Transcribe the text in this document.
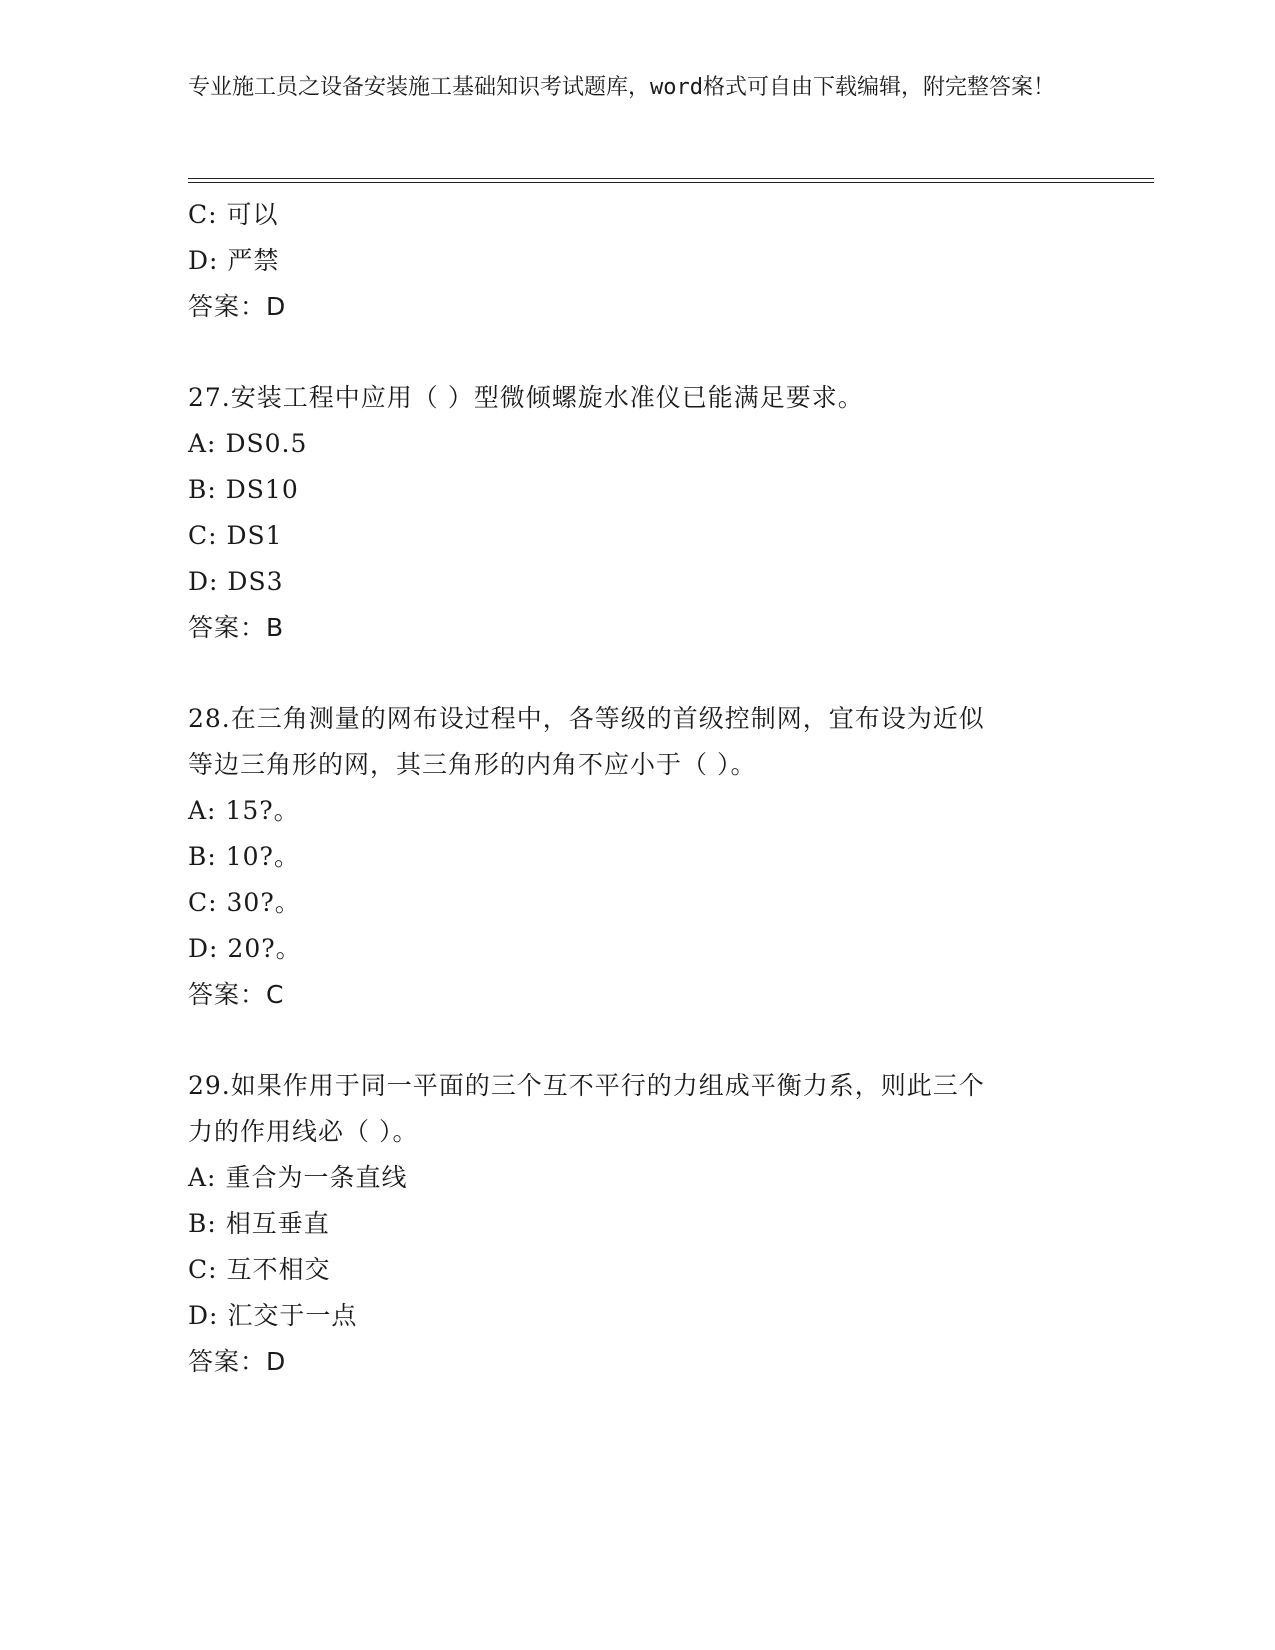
专业施工员之设备安装施工基础知识考试题库，word格式可自由下载编辑，附完整答案！
C: 可以
D: 严禁
答案：D
27.安装工程中应用（ ）型微倾螺旋水准仪已能满足要求。
A: DS0.5
B: DS10
C: DS1
D: DS3
答案：B
28.在三角测量的网布设过程中，各等级的首级控制网，宜布设为近似
等边三角形的网，其三角形的内角不应小于（ ）。
A: 15?。
B: 10?。
C: 30?。
D: 20?。
答案：C
29.如果作用于同一平面的三个互不平行的力组成平衡力系，则此三个
力的作用线必（ ）。
A: 重合为一条直线
B: 相互垂直
C: 互不相交
D: 汇交于一点
答案：D
